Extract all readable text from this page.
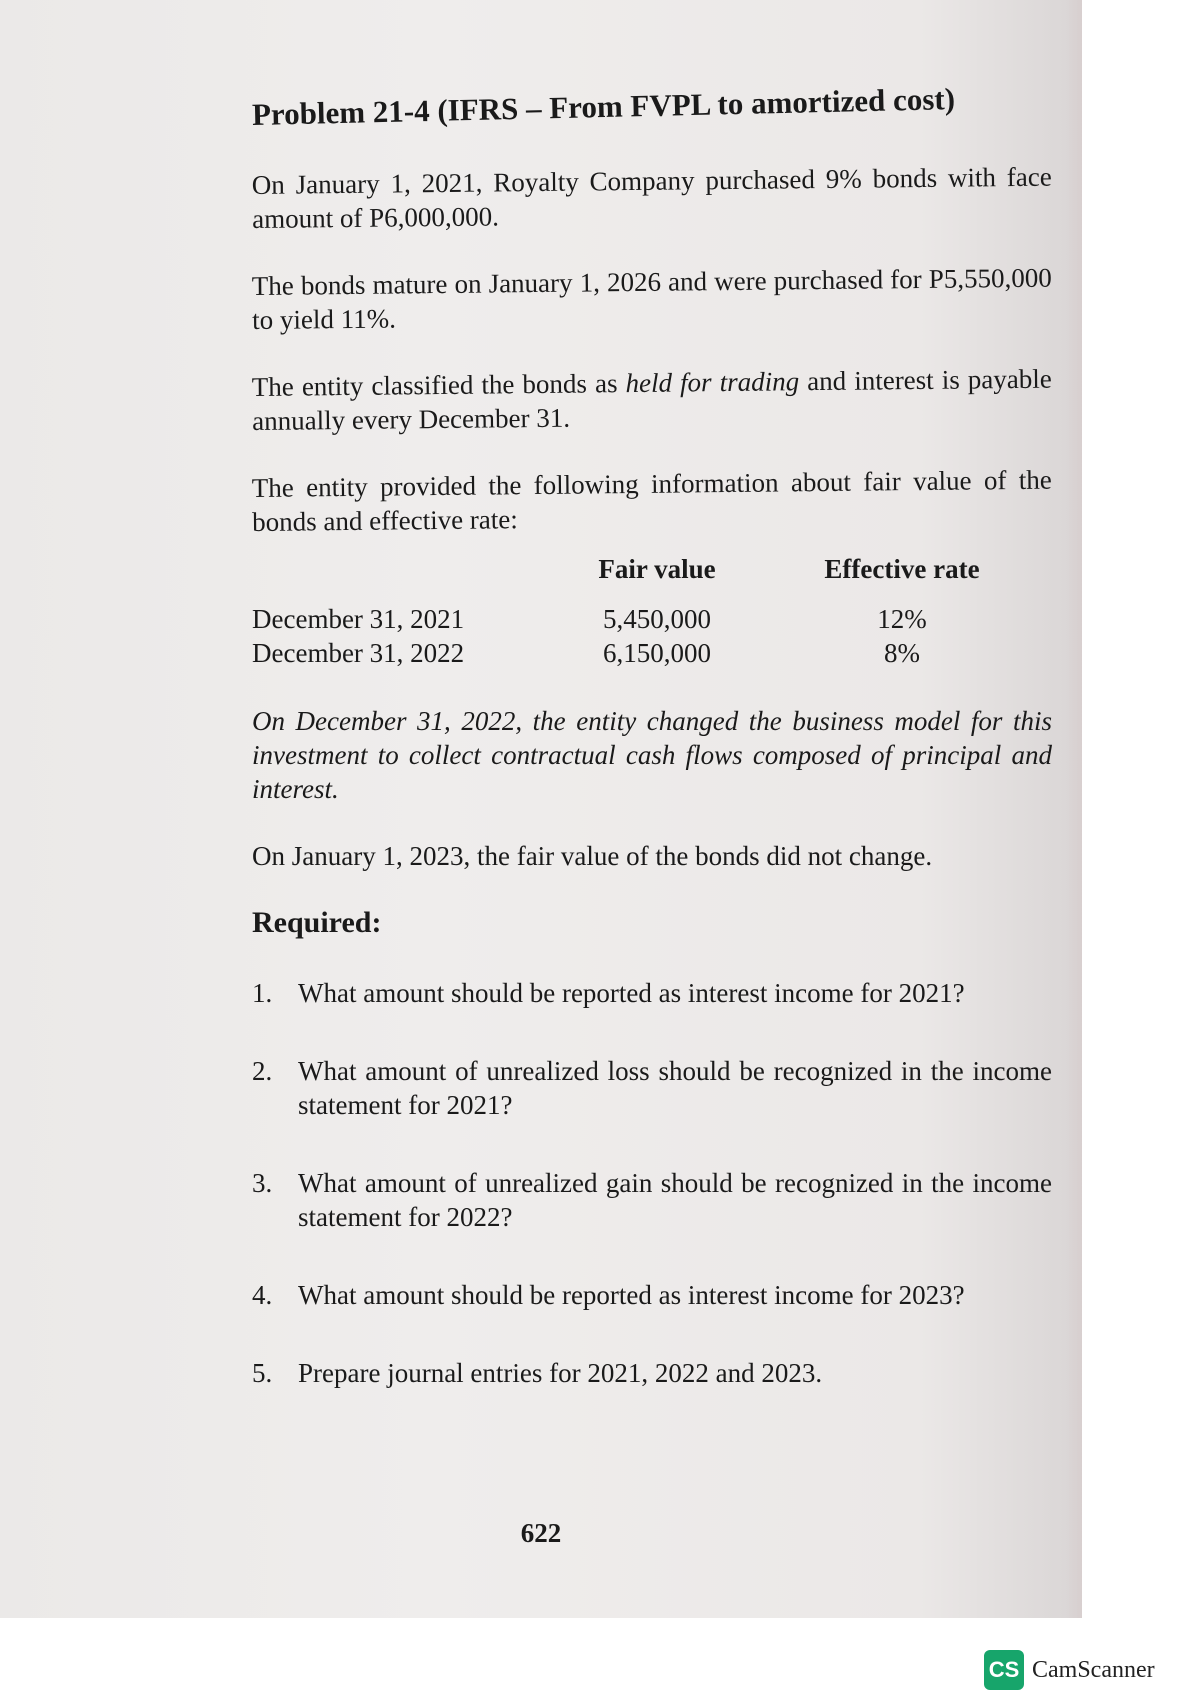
Problem 21-4 (IFRS – From FVPL to amortized cost)

On January 1, 2021, Royalty Company purchased 9% bonds with face amount of P6,000,000.

The bonds mature on January 1, 2026 and were purchased for P5,550,000 to yield 11%.

The entity classified the bonds as held for trading and interest is payable annually every December 31.

The entity provided the following information about fair value of the bonds and effective rate:

	Fair value	Effective rate
December 31, 2021	5,450,000	12%
December 31, 2022	6,150,000	8%

On December 31, 2022, the entity changed the business model for this investment to collect contractual cash flows composed of principal and interest.

On January 1, 2023, the fair value of the bonds did not change.

Required:
1. What amount should be reported as interest income for 2021?
2. What amount of unrealized loss should be recognized in the income statement for 2021?
3. What amount of unrealized gain should be recognized in the income statement for 2022?
4. What amount should be reported as interest income for 2023?
5. Prepare journal entries for 2021, 2022 and 2023.
622
CS CamScanner
